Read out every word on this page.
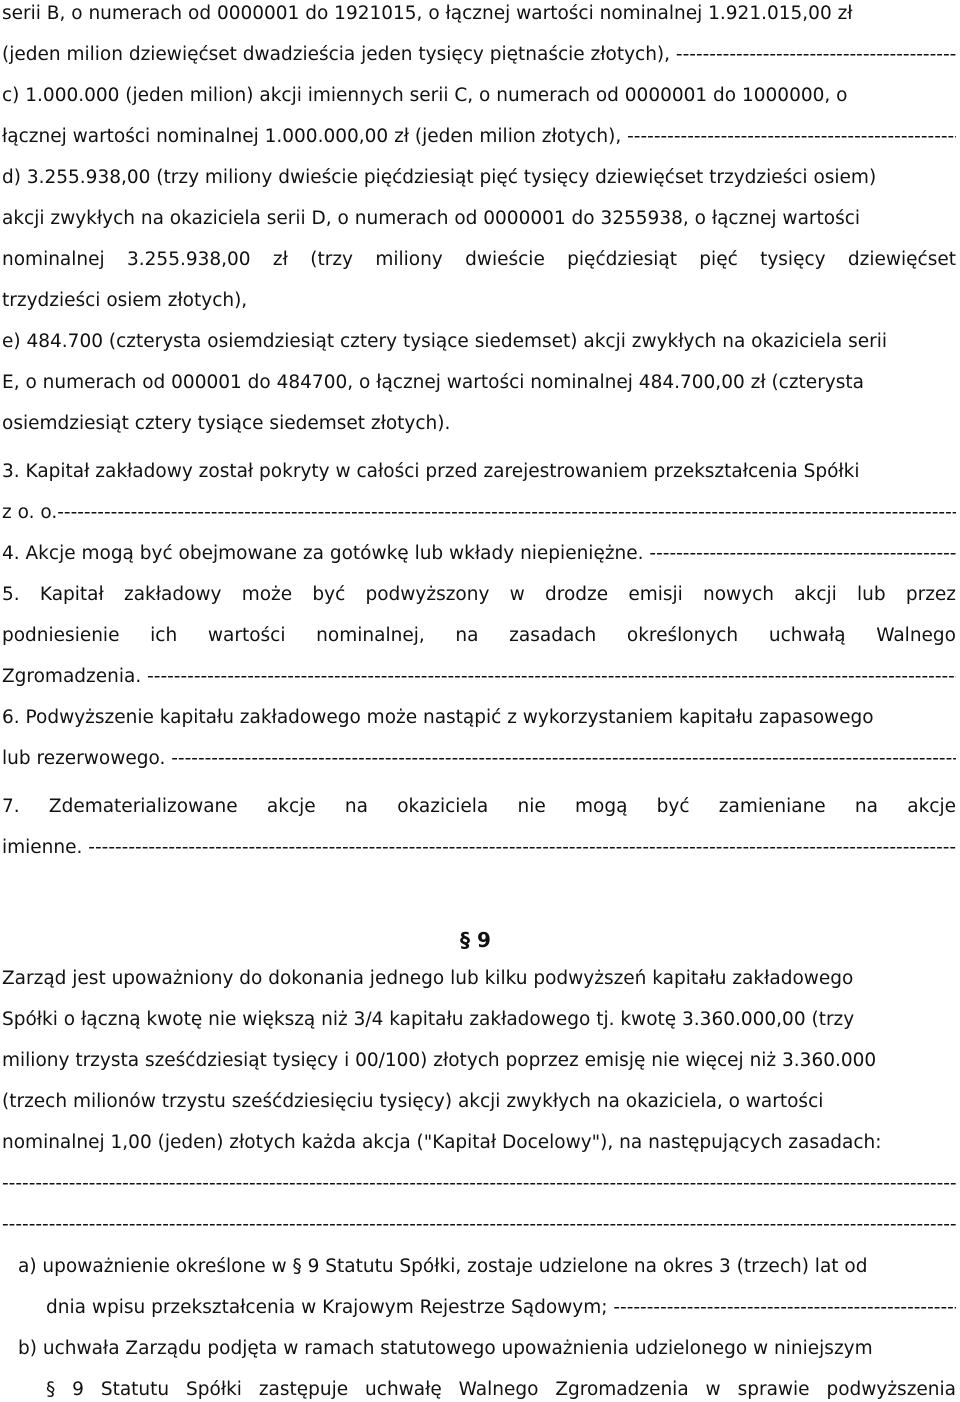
serii B, o numerach od 0000001 do 1921015, o łącznej wartości nominalnej 1.921.015,00 zł
(jeden milion dziewięćset dwadzieścia jeden tysięcy piętnaście złotych), -----
c) 1.000.000 (jeden milion) akcji imiennych serii C, o numerach od 0000001 do 1000000, o
łącznej wartości nominalnej 1.000.000,00 zł (jeden milion złotych), -----
d) 3.255.938,00 (trzy miliony dwieście pięćdziesiąt pięć tysięcy dziewięćset trzydzieści osiem)
akcji zwykłych na okaziciela serii D, o numerach od 0000001 do 3255938, o łącznej wartości
nominalnej 3.255.938,00 zł (trzy miliony dwieście pięćdziesiąt pięć tysięcy dziewięćset
trzydzieści osiem złotych),
e) 484.700 (czterysta osiemdziesiąt cztery tysiące siedemset) akcji zwykłych na okaziciela serii
E, o numerach od 000001 do 484700, o łącznej wartości nominalnej 484.700,00 zł (czterysta
osiemdziesiąt cztery tysiące siedemset złotych).
3. Kapitał zakładowy został pokryty w całości przed zarejestrowaniem przekształcenia Spółki
z o. o. -----
4. Akcje mogą być obejmowane za gotówkę lub wkłady niepieniężne. -----
5. Kapitał zakładowy może być podwyższony w drodze emisji nowych akcji lub przez
podniesienie ich wartości nominalnej, na zasadach określonych uchwałą Walnego
Zgromadzenia. -----
6. Podwyższenie kapitału zakładowego może nastąpić z wykorzystaniem kapitału zapasowego
lub rezerwowego. -----
7. Zdematerializowane akcje na okaziciela nie mogą być zamieniane na akcje
imienne. -----
§ 9
Zarząd jest upoważniony do dokonania jednego lub kilku podwyższeń kapitału zakładowego
Spółki o łączną kwotę nie większą niż 3/4 kapitału zakładowego tj. kwotę 3.360.000,00 (trzy
miliony trzysta sześćdziesiąt tysięcy i 00/100) złotych poprzez emisję nie więcej niż 3.360.000
(trzech milionów trzystu sześćdziesięciu tysięcy) akcji zwykłych na okaziciela, o wartości
nominalnej 1,00 (jeden) złotych każda akcja ("Kapitał Docelowy"), na następujących zasadach:
-----
-----
a) upoważnienie określone w § 9 Statutu Spółki, zostaje udzielone na okres 3 (trzech) lat od
dnia wpisu przekształcenia w Krajowym Rejestrze Sądowym; -----
b) uchwała Zarządu podjęta w ramach statutowego upoważnienia udzielonego w niniejszym
§ 9 Statutu Spółki zastępuje uchwałę Walnego Zgromadzenia w sprawie podwyższenia
